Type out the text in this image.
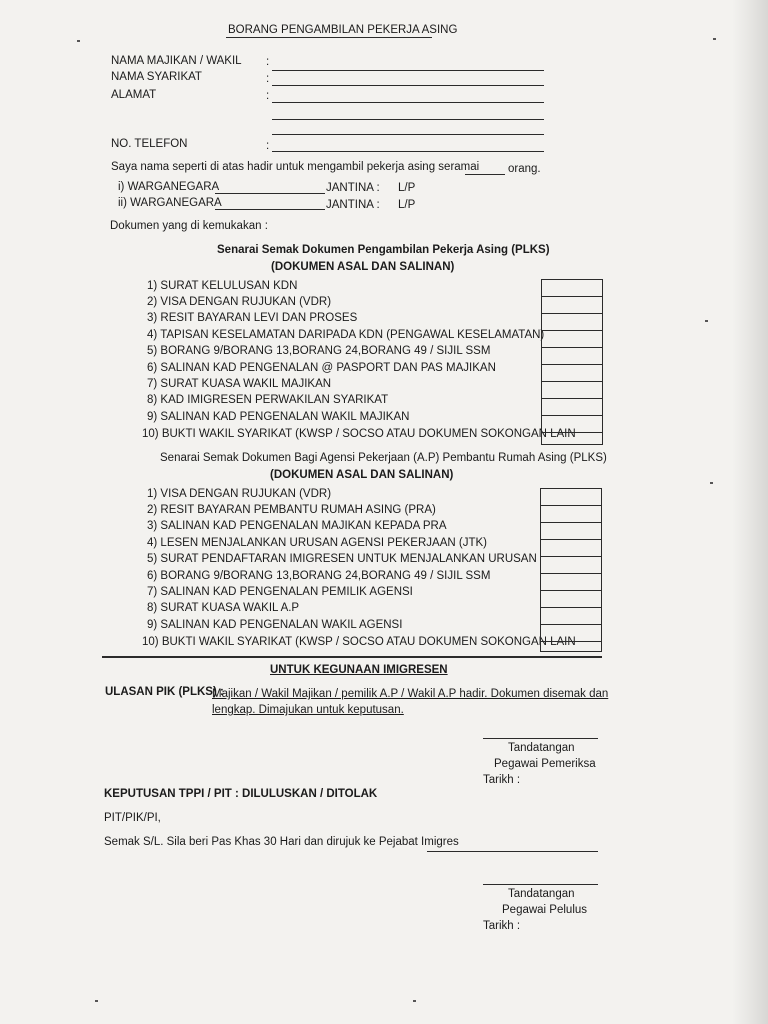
BORANG PENGAMBILAN PEKERJA ASING
NAMA MAJIKAN / WAKIL :
NAMA SYARIKAT	:
ALAMAT	:
NO. TELEFON	:
Saya nama seperti di atas hadir untuk mengambil pekerja asing seramai	orang.
i) WARGANEGARA	JANTINA : L/P
ii) WARGANEGARA	JANTINA : L/P
Dokumen yang di kemukakan :
Senarai Semak Dokumen Pengambilan Pekerja Asing (PLKS)
(DOKUMEN ASAL DAN SALINAN)
1) SURAT KELULUSAN KDN
2) VISA DENGAN RUJUKAN (VDR)
3) RESIT BAYARAN LEVI DAN PROSES
4) TAPISAN KESELAMATAN DARIPADA KDN (PENGAWAL KESELAMATAN)
5) BORANG 9/BORANG 13,BORANG 24,BORANG 49 / SIJIL SSM
6) SALINAN KAD PENGENALAN @ PASPORT DAN PAS MAJIKAN
7) SURAT KUASA WAKIL MAJIKAN
8) KAD IMIGRESEN PERWAKILAN SYARIKAT
9) SALINAN KAD PENGENALAN WAKIL MAJIKAN
10) BUKTI WAKIL SYARIKAT (KWSP / SOCSO ATAU DOKUMEN SOKONGAN LAIN
Senarai Semak Dokumen Bagi Agensi Pekerjaan (A.P) Pembantu Rumah Asing (PLKS)
(DOKUMEN ASAL DAN SALINAN)
1) VISA DENGAN RUJUKAN (VDR)
2) RESIT BAYARAN PEMBANTU RUMAH ASING (PRA)
3) SALINAN KAD PENGENALAN MAJIKAN KEPADA PRA
4) LESEN MENJALANKAN URUSAN AGENSI PEKERJAAN (JTK)
5) SURAT PENDAFTARAN IMIGRESEN UNTUK MENJALANKAN URUSAN
6) BORANG 9/BORANG 13,BORANG 24,BORANG 49 / SIJIL SSM
7) SALINAN KAD PENGENALAN PEMILIK AGENSI
8) SURAT KUASA WAKIL A.P
9) SALINAN KAD PENGENALAN WAKIL AGENSI
10) BUKTI WAKIL SYARIKAT (KWSP / SOCSO ATAU DOKUMEN SOKONGAN LAIN
UNTUK KEGUNAAN IMIGRESEN
ULASAN PIK (PLKS) :
Majikan / Wakil Majikan / pemilik A.P / Wakil A.P hadir. Dokumen disemak dan
lengkap. Dimajukan untuk keputusan.
Tandatangan
Pegawai Pemeriksa
Tarikh :
KEPUTUSAN TPPI / PIT : DILULUSKAN / DITOLAK
PIT/PIK/PI,
Semak S/L. Sila beri Pas Khas 30 Hari dan dirujuk ke Pejabat Imigres
Tandatangan
Pegawai Pelulus
Tarikh :
